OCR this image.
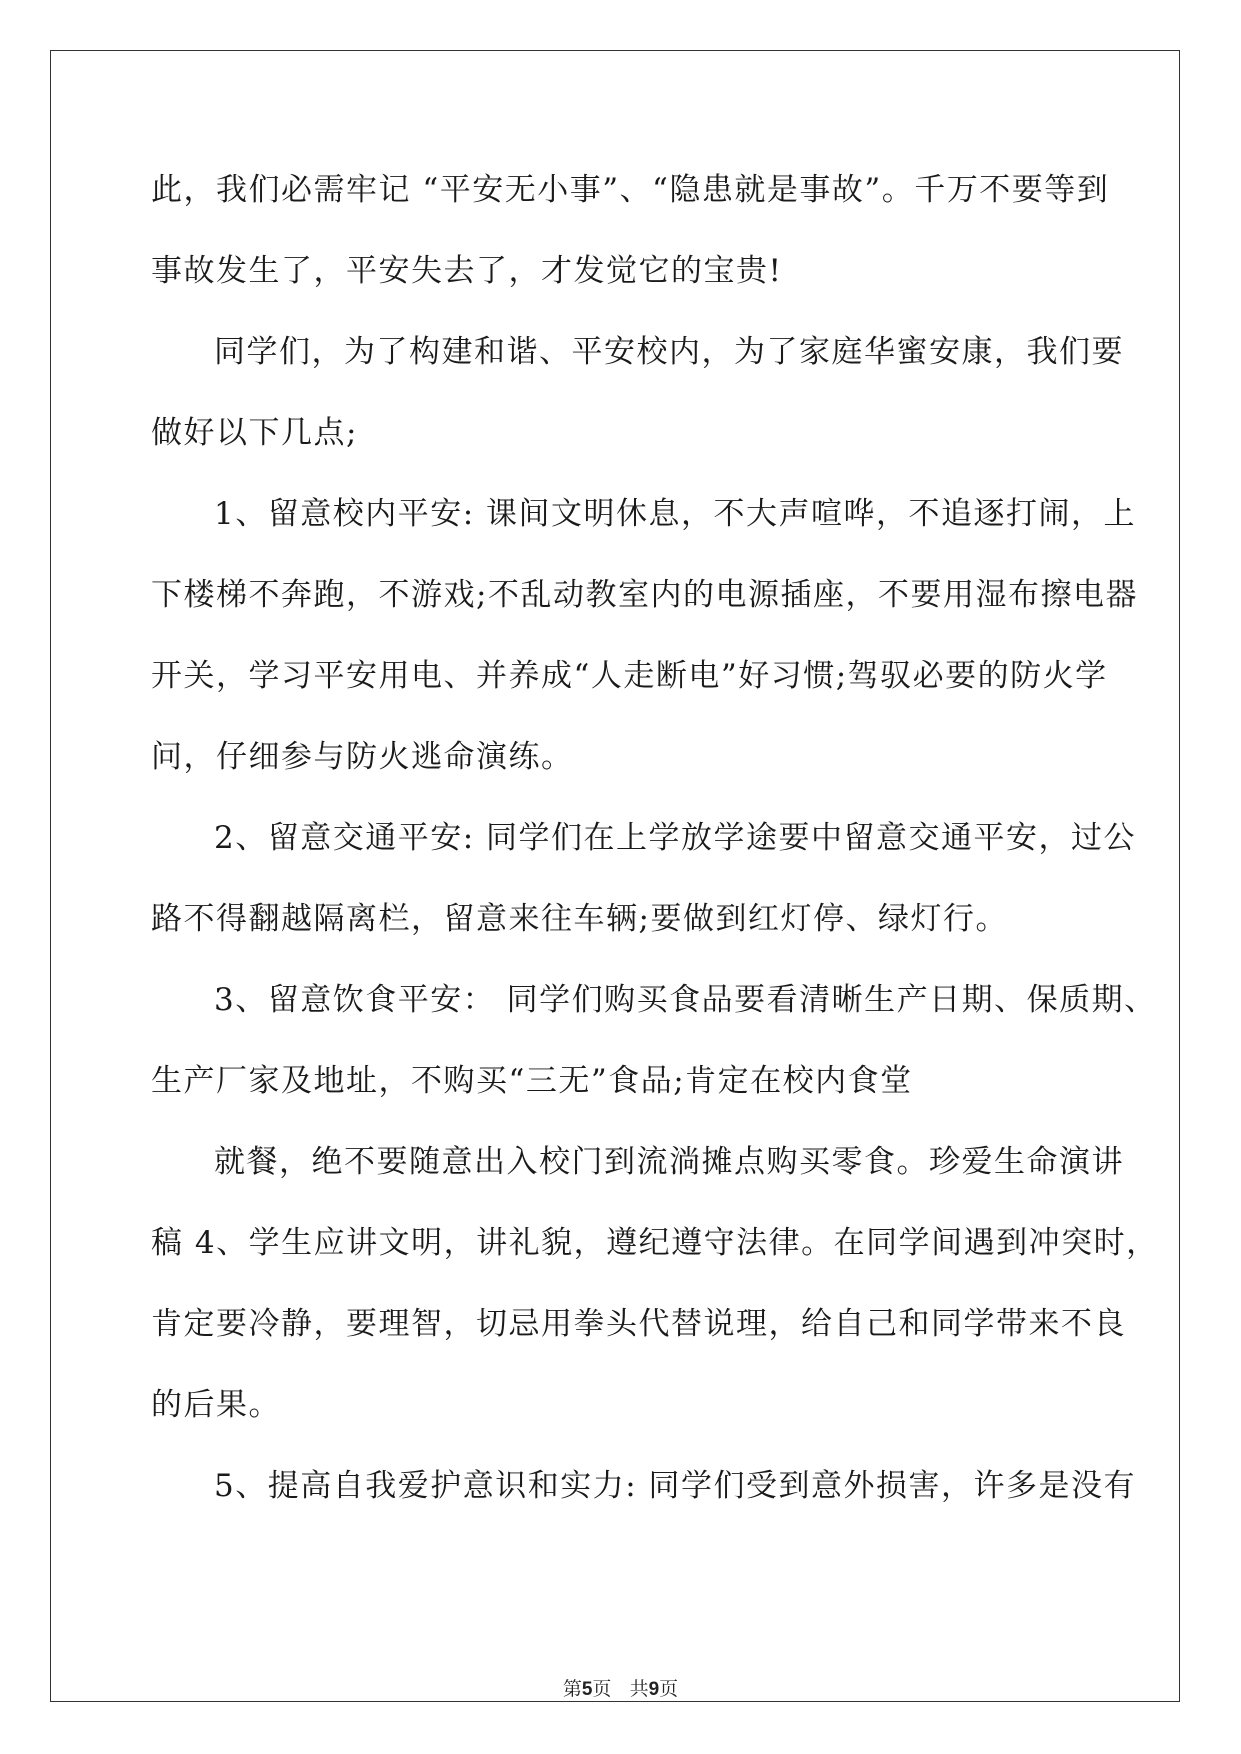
此，我们必需牢记 “平安无小事”、“隐患就是事故”。千万不要等到
事故发生了，平安失去了，才发觉它的宝贵!
同学们，为了构建和谐、平安校内，为了家庭华蜜安康，我们要
做好以下几点;
1、留意校内平安: 课间文明休息，不大声喧哗，不追逐打闹，上
下楼梯不奔跑，不游戏;不乱动教室内的电源插座，不要用湿布擦电器
开关，学习平安用电、并养成“人走断电”好习惯;驾驭必要的防火学
问，仔细参与防火逃命演练。
2、留意交通平安: 同学们在上学放学途要中留意交通平安，过公
路不得翻越隔离栏，留意来往车辆;要做到红灯停、绿灯行。
3、留意饮食平安： 同学们购买食品要看清晰生产日期、保质期、
生产厂家及地址，不购买“三无”食品;肯定在校内食堂
就餐，绝不要随意出入校门到流淌摊点购买零食。珍爱生命演讲
稿 4、学生应讲文明，讲礼貌，遵纪遵守法律。在同学间遇到冲突时，
肯定要冷静，要理智，切忌用拳头代替说理，给自己和同学带来不良
的后果。
5、提高自我爱护意识和实力: 同学们受到意外损害，许多是没有
第5页 共9页
